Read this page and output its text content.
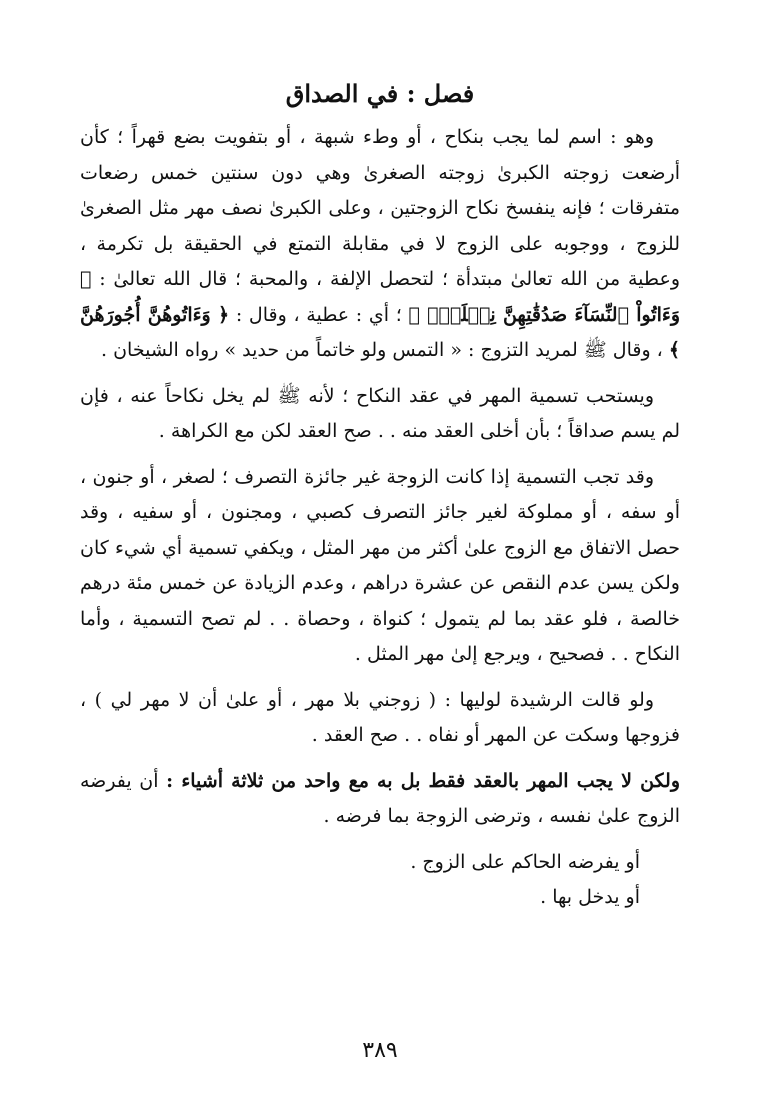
فصل : في الصداق

وهو : اسم لما يجب بنكاح ، أو وطء شبهة ، أو بتفويت بضع قهراً ؛ كأن أرضعت زوجته الكبرىٰ زوجته الصغرىٰ وهي دون سنتين خمس رضعات متفرقات ؛ فإنه ينفسخ نكاح الزوجتين ، وعلى الكبرىٰ نصف مهر مثل الصغرىٰ للزوج ، ووجوبه على الزوج لا في مقابلة التمتع في الحقيقة بل تكرمة ، وعطية من الله تعالىٰ مبتدأة ؛ لتحصل الإلفة ، والمحبة ؛ قال الله تعالىٰ : ﴿ وَءَاتُواْ ٱلنِّسَآءَ صَدُقَٰتِهِنَّ نِحۡلَةٗۚ ﴾ ؛ أي : عطية ، وقال : ﴿ وَءَاتُوهُنَّ أُجُورَهُنَّ ﴾ ، وقال ﷺ لمريد التزوج : « التمس ولو خاتماً من حديد » رواه الشيخان .

ويستحب تسمية المهر في عقد النكاح ؛ لأنه ﷺ لم يخل نكاحاً عنه ، فإن لم يسم صداقاً ؛ بأن أخلى العقد منه . . صح العقد لكن مع الكراهة .

وقد تجب التسمية إذا كانت الزوجة غير جائزة التصرف ؛ لصغر ، أو جنون ، أو سفه ، أو مملوكة لغير جائز التصرف كصبي ، ومجنون ، أو سفيه ، وقد حصل الاتفاق مع الزوج علىٰ أكثر من مهر المثل ، ويكفي تسمية أي شيء كان ولكن يسن عدم النقص عن عشرة دراهم ، وعدم الزيادة عن خمس مئة درهم خالصة ، فلو عقد بما لم يتمول ؛ كنواة ، وحصاة . . لم تصح التسمية ، وأما النكاح . . فصحيح ، ويرجع إلىٰ مهر المثل .

ولو قالت الرشيدة لوليها : ( زوجني بلا مهر ، أو علىٰ أن لا مهر لي ) ، فزوجها وسكت عن المهر أو نفاه . . صح العقد .

ولكن لا يجب المهر بالعقد فقط بل به مع واحد من ثلاثة أشياء : أن يفرضه الزوج علىٰ نفسه ، وترضى الزوجة بما فرضه .

أو يفرضه الحاكم على الزوج .

أو يدخل بها .

٣٨٩
